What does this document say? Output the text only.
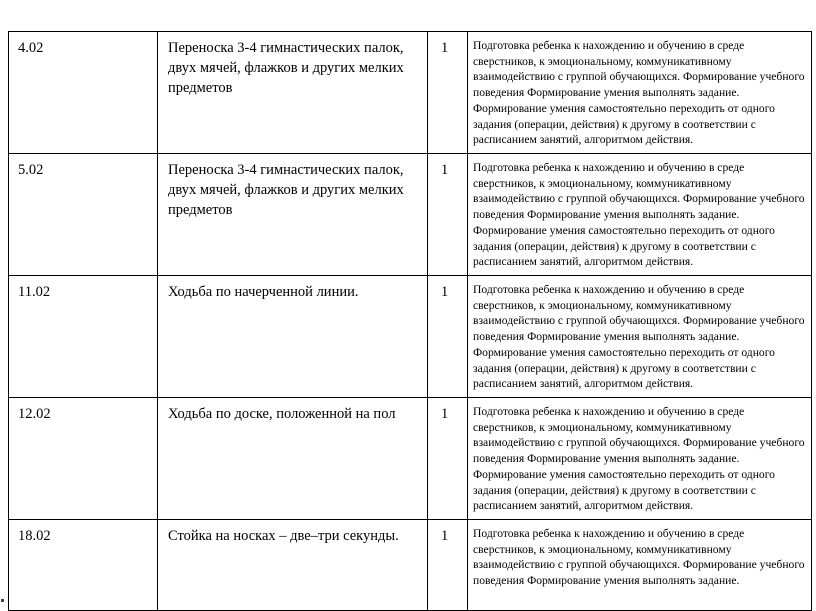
4.02	Переноска 3-4 гимнастических палок, двух мячей, флажков и других мелких предметов	1	Подготовка ребенка к нахождению и обучению в среде сверстников, к эмоциональному, коммуникативному взаимодействию с группой обучающихся. Формирование учебного поведения Формирование умения выполнять задание. Формирование умения самостоятельно переходить от одного задания (операции, действия) к другому в соответствии с расписанием занятий, алгоритмом действия.

5.02	Переноска 3-4 гимнастических палок, двух мячей, флажков и других мелких предметов	1	Подготовка ребенка к нахождению и обучению в среде сверстников, к эмоциональному, коммуникативному взаимодействию с группой обучающихся. Формирование учебного поведения Формирование умения выполнять задание. Формирование умения самостоятельно переходить от одного задания (операции, действия) к другому в соответствии с расписанием занятий, алгоритмом действия.

11.02	Ходьба по начерченной линии.	1	Подготовка ребенка к нахождению и обучению в среде сверстников, к эмоциональному, коммуникативному взаимодействию с группой обучающихся. Формирование учебного поведения Формирование умения выполнять задание. Формирование умения самостоятельно переходить от одного задания (операции, действия) к другому в соответствии с расписанием занятий, алгоритмом действия.

12.02	Ходьба по доске, положенной на пол	1	Подготовка ребенка к нахождению и обучению в среде сверстников, к эмоциональному, коммуникативному взаимодействию с группой обучающихся. Формирование учебного поведения Формирование умения выполнять задание. Формирование умения самостоятельно переходить от одного задания (операции, действия) к другому в соответствии с расписанием занятий, алгоритмом действия.

18.02	Стойка на носках – две–три секунды.	1	Подготовка ребенка к нахождению и обучению в среде сверстников, к эмоциональному, коммуникативному взаимодействию с группой обучающихся. Формирование учебного поведения Формирование умения выполнять задание.
